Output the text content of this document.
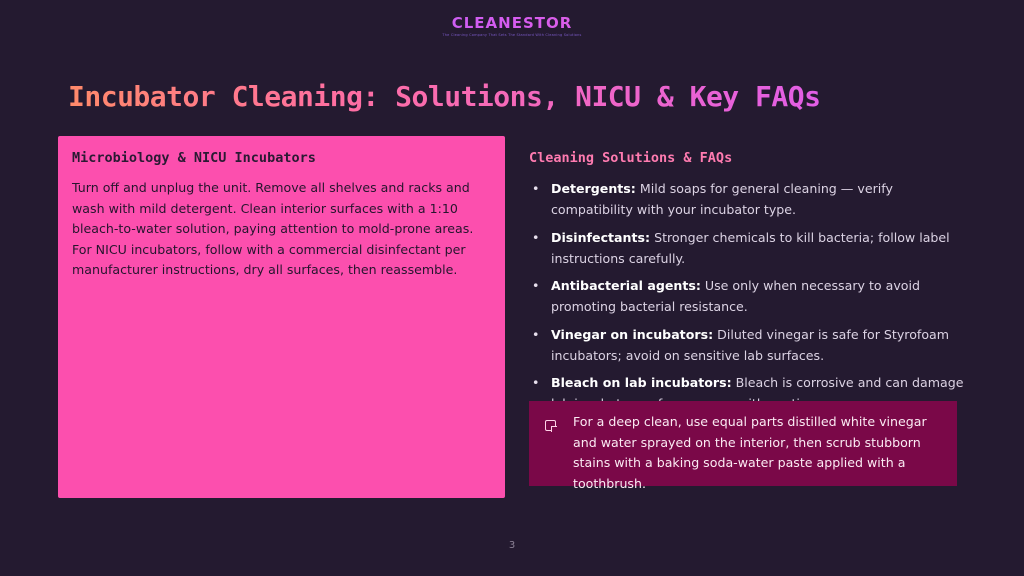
CLEANESTOR
The Cleaning Company That Sets The Standard With Cleaning Solutions
Incubator Cleaning: Solutions, NICU & Key FAQs
Microbiology & NICU Incubators

Turn off and unplug the unit. Remove all shelves and racks and wash with mild detergent. Clean interior surfaces with a 1:10 bleach-to-water solution, paying attention to mold-prone areas. For NICU incubators, follow with a commercial disinfectant per manufacturer instructions, dry all surfaces, then reassemble.

Cleaning Solutions & FAQs
• Detergents: Mild soaps for general cleaning — verify compatibility with your incubator type.
• Disinfectants: Stronger chemicals to kill bacteria; follow label instructions carefully.
• Antibacterial agents: Use only when necessary to avoid promoting bacterial resistance.
• Vinegar on incubators: Diluted vinegar is safe for Styrofoam incubators; avoid on sensitive lab surfaces.
• Bleach on lab incubators: Bleach is corrosive and can damage

For a deep clean, use equal parts distilled white vinegar and water sprayed on the interior, then scrub stubborn stains with a baking soda-water paste applied with a toothbrush.

3
